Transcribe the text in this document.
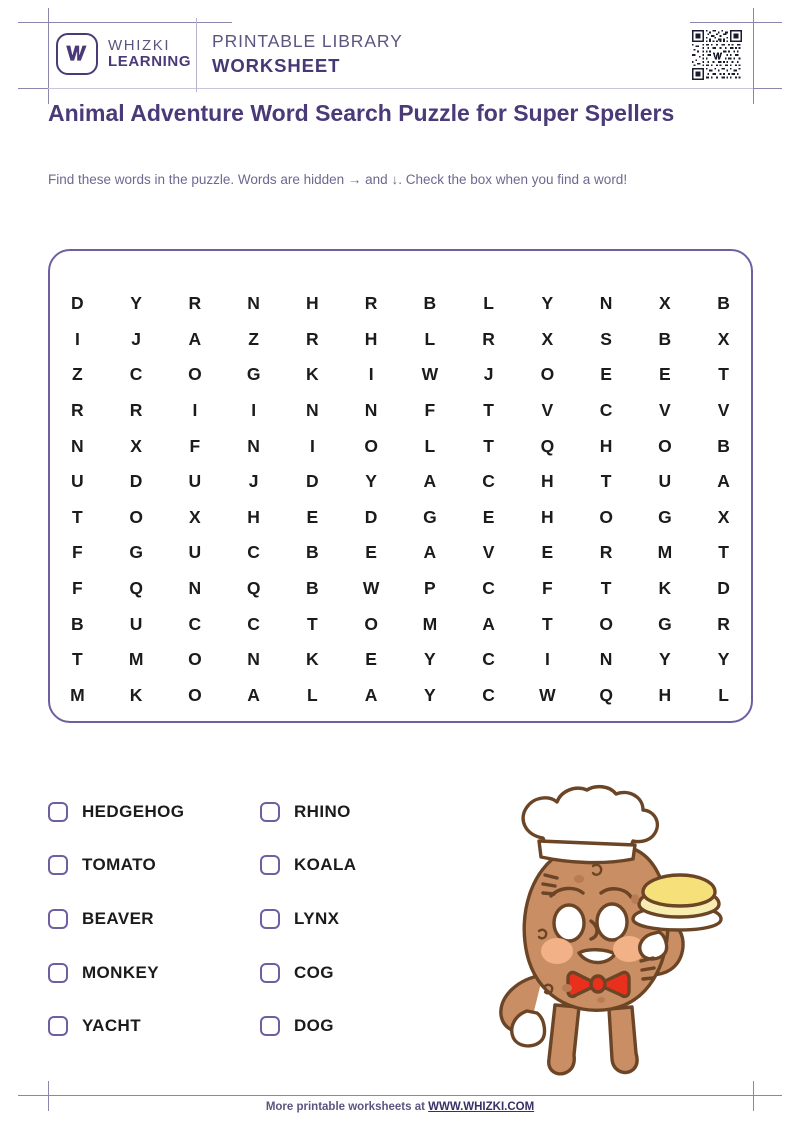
WHIZKI
LEARNING
PRINTABLE LIBRARY
WORKSHEET
Animal Adventure Word Search Puzzle for Super Spellers
Find these words in the puzzle. Words are hidden → and ↓. Check the box when you find a word!
D	Y	R	N	H	R	B	L	Y	N	X	B
I	J	A	Z	R	H	L	R	X	S	B	X
Z	C	O	G	K	I	W	J	O	E	E	T
R	R	I	I	N	N	F	T	V	C	V	V
N	X	F	N	I	O	L	T	Q	H	O	B
U	D	U	J	D	Y	A	C	H	T	U	A
T	O	X	H	E	D	G	E	H	O	G	X
F	G	U	C	B	E	A	V	E	R	M	T
F	Q	N	Q	B	W	P	C	F	T	K	D
B	U	C	C	T	O	M	A	T	O	G	R
T	M	O	N	K	E	Y	C	I	N	Y	Y
M	K	O	A	L	A	Y	C	W	Q	H	L
HEDGEHOG
TOMATO
BEAVER
MONKEY
YACHT
RHINO
KOALA
LYNX
COG
DOG
More printable worksheets at WWW.WHIZKI.COM
